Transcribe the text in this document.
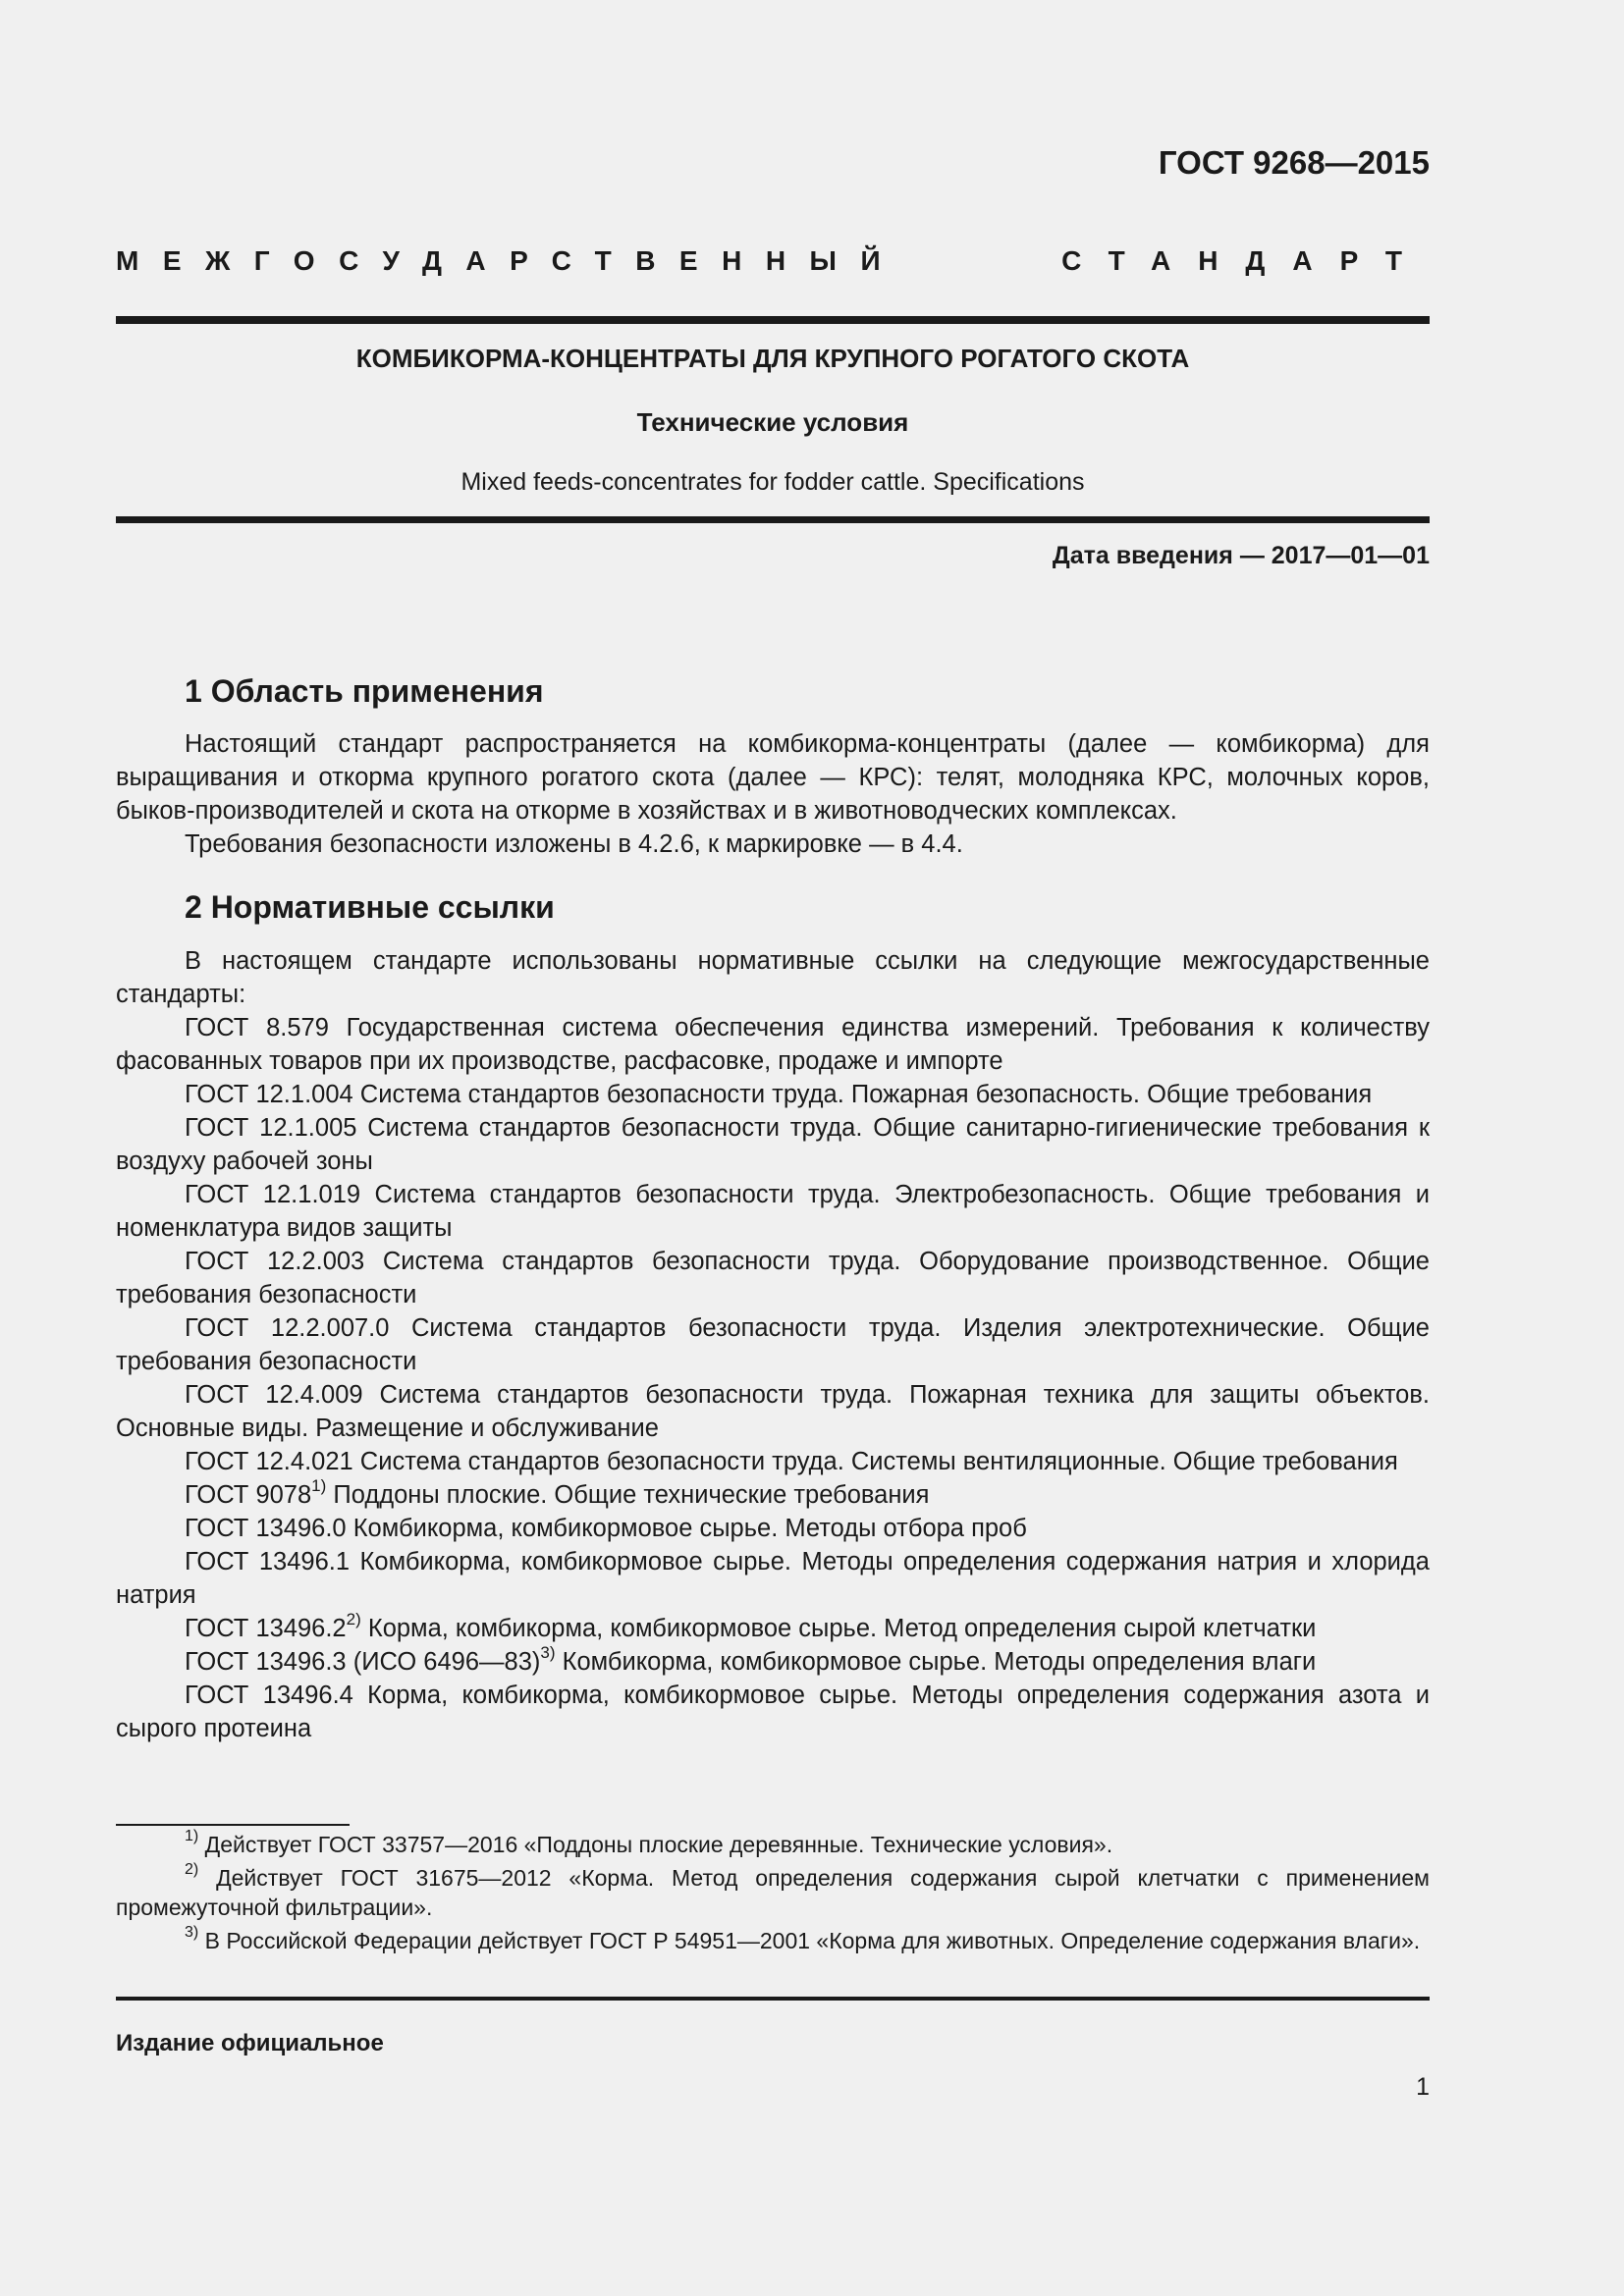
ГОСТ 9268—2015
МЕЖГОСУДАРСТВЕННЫЙ	СТАНДАРТ
КОМБИКОРМА-КОНЦЕНТРАТЫ ДЛЯ КРУПНОГО РОГАТОГО СКОТА
Технические условия
Mixed feeds-concentrates for fodder cattle. Specifications
Дата введения — 2017—01—01
1 Область применения

Настоящий стандарт распространяется на комбикорма-концентраты (далее — комбикорма) для выращивания и откорма крупного рогатого скота (далее — КРС): телят, молодняка КРС, молочных коров, быков-производителей и скота на откорме в хозяйствах и в животноводческих комплексах.

Требования безопасности изложены в 4.2.6, к маркировке — в 4.4.

2 Нормативные ссылки

В настоящем стандарте использованы нормативные ссылки на следующие межгосударственные стандарты:

ГОСТ 8.579 Государственная система обеспечения единства измерений. Требования к количеству фасованных товаров при их производстве, расфасовке, продаже и импорте

ГОСТ 12.1.004 Система стандартов безопасности труда. Пожарная безопасность. Общие требования

ГОСТ 12.1.005 Система стандартов безопасности труда. Общие санитарно-гигиенические требования к воздуху рабочей зоны

ГОСТ 12.1.019 Система стандартов безопасности труда. Электробезопасность. Общие требования и номенклатура видов защиты

ГОСТ 12.2.003 Система стандартов безопасности труда. Оборудование производственное. Общие требования безопасности

ГОСТ 12.2.007.0 Система стандартов безопасности труда. Изделия электротехнические. Общие требования безопасности

ГОСТ 12.4.009 Система стандартов безопасности труда. Пожарная техника для защиты объектов. Основные виды. Размещение и обслуживание

ГОСТ 12.4.021 Система стандартов безопасности труда. Системы вентиляционные. Общие требования

ГОСТ 9078$^{1)}$ Поддоны плоские. Общие технические требования

ГОСТ 13496.0 Комбикорма, комбикормовое сырье. Методы отбора проб

ГОСТ 13496.1 Комбикорма, комбикормовое сырье. Методы определения содержания натрия и хлорида натрия

ГОСТ 13496.2$^{2)}$ Корма, комбикорма, комбикормовое сырье. Метод определения сырой клетчатки

ГОСТ 13496.3 (ИСО 6496—83)$^{3)}$ Комбикорма, комбикормовое сырье. Методы определения влаги

ГОСТ 13496.4 Корма, комбикорма, комбикормовое сырье. Методы определения содержания азота и сырого протеина

$^{1)}$ Действует ГОСТ 33757—2016 «Поддоны плоские деревянные. Технические условия».

$^{2)}$ Действует ГОСТ 31675—2012 «Корма. Метод определения содержания сырой клетчатки с применением промежуточной фильтрации».

$^{3)}$ В Российской Федерации действует ГОСТ Р 54951—2001 «Корма для животных. Определение содержания влаги».

Издание официальное
1
